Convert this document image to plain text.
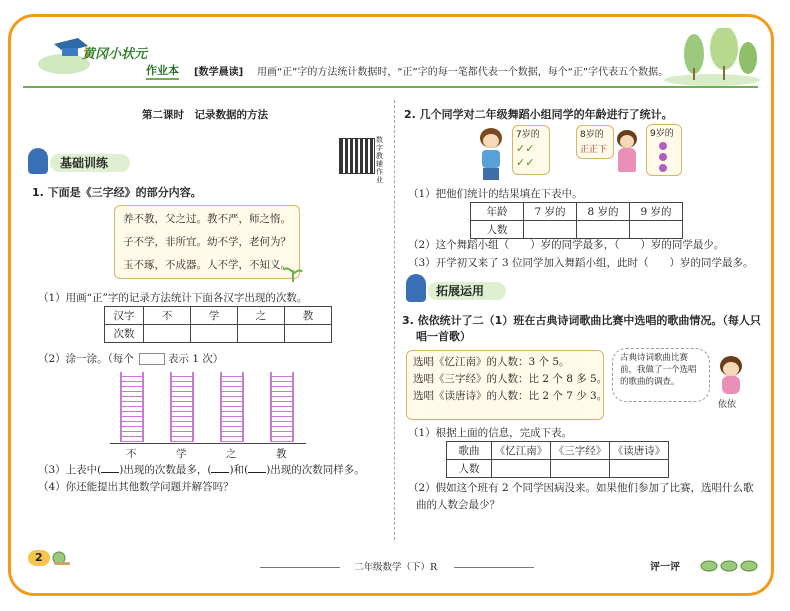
黄冈小状元
作业本 [数学晨读] 用画“正”字的方法统计数据时，“正”字的每一笔都代表一个数据，每个“正”字代表五个数据。
第二课时　记录数据的方法
数字教辅作业
基础训练
1. 下面是《三字经》的部分内容。
养不教，父之过。教不严，师之惰。
子不学，非所宜。幼不学，老何为？
玉不琢，不成器。人不学，不知义。
（1）用画“正”字的记录方法统计下面各汉字出现的次数。
汉字	不	学	之	教
次数				
（2）涂一涂。（每个	表示 1 次）
不	学	之	教
（3）上表中( )出现的次数最多，( )和( )出现的次数同样多。
（4）你还能提出其他数学问题并解答吗？
2. 几个同学对二年级舞蹈小组同学的年龄进行了统计。
7岁的
✓✓
✓✓
8岁的
正正下
9岁的
（1）把他们统计的结果填在下表中。
年龄	7 岁的	8 岁的	9 岁的
人数			
（2）这个舞蹈小组（　　）岁的同学最多，（　　）岁的同学最少。
（3）开学初又来了 3 位同学加入舞蹈小组，此时（　　）岁的同学最多。
拓展运用
3. 依依统计了二（1）班在古典诗词歌曲比赛中选唱的歌曲情况。（每人只
唱一首歌）
选唱《忆江南》的人数：3 个 5。
选唱《三字经》的人数：比 2 个 8 多 5。
选唱《读唐诗》的人数：比 2 个 7 少 3。
古典诗词歌曲比赛前，我做了一个选唱的歌曲的调查。
依依
（1）根据上面的信息，完成下表。
歌曲	《忆江南》	《三字经》	《读唐诗》
人数			
（2）假如这个班有 2 个同学因病没来。如果他们参加了比赛，选唱什么歌
曲的人数会最少？
2
二年级数学（下）R	评一评
